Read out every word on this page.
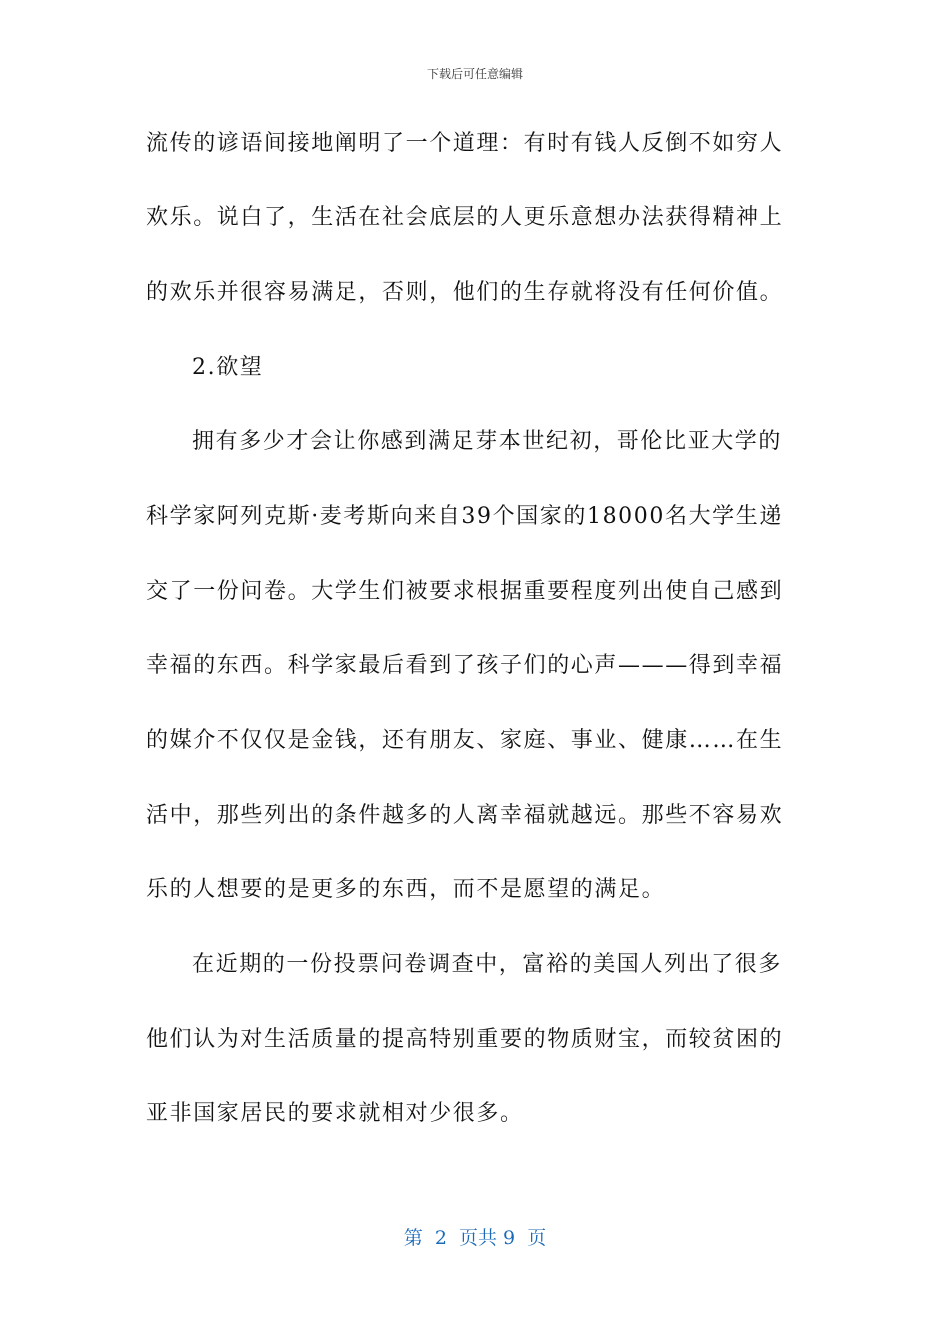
下载后可任意编辑
流传的谚语间接地阐明了一个道理：有时有钱人反倒不如穷人
欢乐。说白了，生活在社会底层的人更乐意想办法获得精神上
的欢乐并很容易满足，否则，他们的生存就将没有任何价值。
2.欲望
拥有多少才会让你感到满足芽本世纪初，哥伦比亚大学的
科学家阿列克斯·麦考斯向来自39个国家的18000名大学生递
交了一份问卷。大学生们被要求根据重要程度列出使自己感到
幸福的东西。科学家最后看到了孩子们的心声———得到幸福
的媒介不仅仅是金钱，还有朋友、家庭、事业、健康……在生
活中，那些列出的条件越多的人离幸福就越远。那些不容易欢
乐的人想要的是更多的东西，而不是愿望的满足。
在近期的一份投票问卷调查中，富裕的美国人列出了很多
他们认为对生活质量的提高特别重要的物质财宝，而较贫困的
亚非国家居民的要求就相对少很多。
第  2  页共 9  页
